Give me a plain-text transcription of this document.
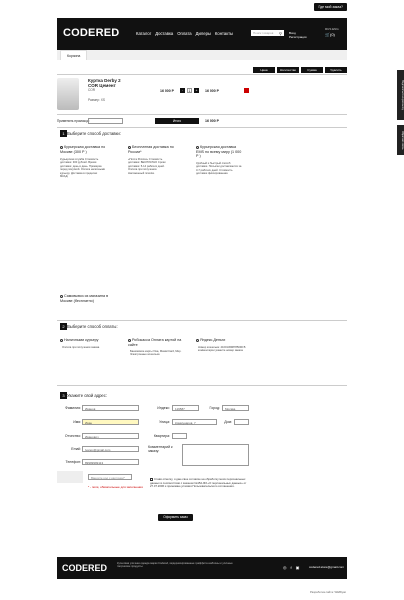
Где мой заказ?
CODERED	Каталог Доставка Оплата Дилеры Контакты	Поиск товаров	⚲ Вход
Регистрация
RUS ENG
🛒(0)
Корзина
Цена	Количество	Сумма	Удалить
Куртка Derby 2
COR Цемент
COR
Размер: XS
16 000 Р	-	1	+	16 000 Р
Применить промокод:	Итого	16 000 Р
1 Выберите способ доставки:
Курьерская доставка по Москве (300 Р )
Курьерская служба Стоимость доставки: 300 рублей. Время доставки: день в день. Примерка перед покупкой. Оплата наличными курьеру. Доставка в пределах МКАД.
Бесплатная доставка по России*
«Почта России» Стоимость доставки: БЕСПЛАТНО Сроки доставки: 5-14 рабочих дней. Оплата при получении. Наложенный платёж.
Курьерская доставка EMS по всему миру (1 000 Р )
Удобный и быстрый способ доставки. Посылки доставляются за 3-7 рабочих дней. Стоимость доставки фиксированная.
Самовывоз из магазина в Москве (бесплатно)
2 Выберите способ оплаты:
Наличными курьеру
Оплата при получении заказа
Робокасса Оплата картой на сайте
Банковские карты Visa, MasterCard, Мир. Электронные кошельки.
Яндекс.Деньги
Номер кошелька: 410013698785090 В комментарии укажите номер заказа
3 Укажите свой адрес:
Фамилия:	Иванов
Имя:	Иван
Отчество:	Иванович
Email:	ivanov@gmail.com
Телефон:	89999999113
Индекс:	119587	Город:	Москва
Улица:	Коммунаров, 7	Дом:
Квартира:
Комментарий к заказу:
Введите код с картинки*
* - поля, обязательные для заполнения
Ставя отметку, я даю свое согласие на обработку моих персональных данных в соответствии с законом №152-ФЗ «О персональных данных» от 27.07.2006 и принимаю условия Пользовательского соглашения.
Оформить заказ
CODERED	Культовая уличная одежда марки Codered, модернизированные граффити-шаблоны и уличные творческие продукты.	◎ f ▣	codered.store@gmail.com
Разработка сайта: WEBtyan
Подписаться на рассылку
Обратная связь
